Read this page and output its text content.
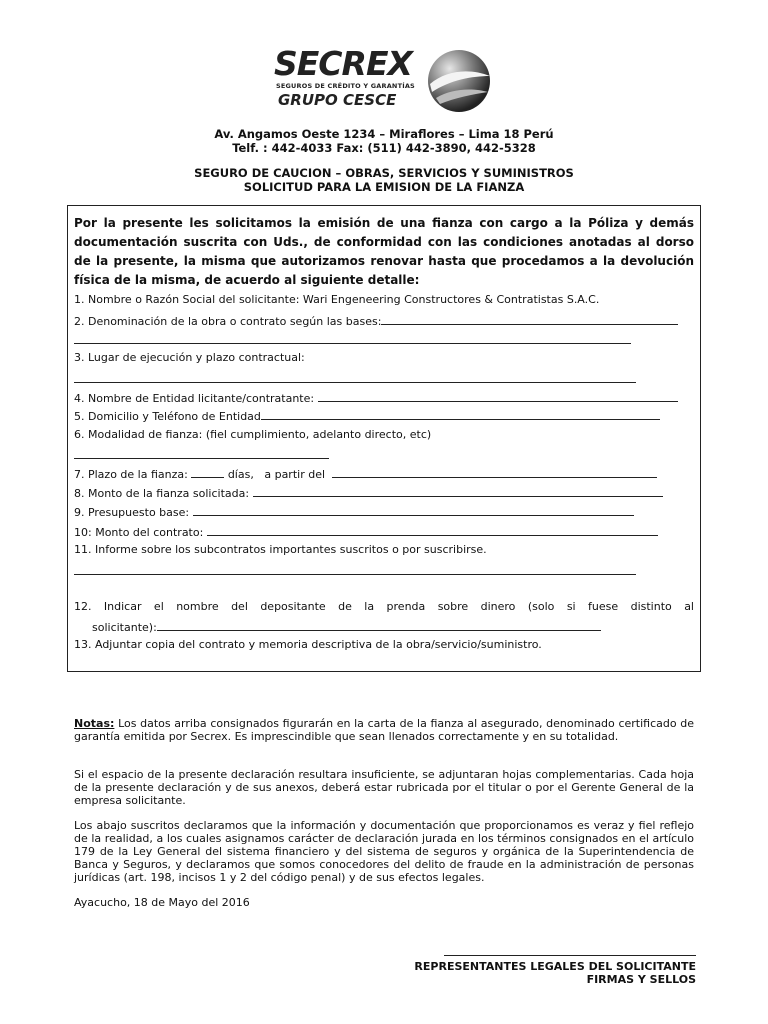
SECREX
SEGUROS DE CRÉDITO Y GARANTÍAS
GRUPO CESCE
Av. Angamos Oeste 1234 – Miraflores – Lima 18 Perú
Telf. : 442-4033 Fax: (511) 442-3890, 442-5328
SEGURO DE CAUCION – OBRAS, SERVICIOS Y SUMINISTROS
SOLICITUD PARA LA EMISION DE LA FIANZA
Por la presente les solicitamos la emisión de una fianza con cargo a la Póliza y demás documentación suscrita con Uds., de conformidad con las condiciones anotadas al dorso de la presente, la misma que autorizamos renovar hasta que procedamos a la devolución física de la misma, de acuerdo al siguiente detalle:
1. Nombre o Razón Social del solicitante: Wari Engeneering Constructores & Contratistas S.A.C.
2. Denominación de la obra o contrato según las bases:
3. Lugar de ejecución y plazo contractual:
4. Nombre de Entidad licitante/contratante:
5. Domicilio y Teléfono de Entidad
6. Modalidad de fianza: (fiel cumplimiento, adelanto directo, etc)
7. Plazo de la fianza:	días, a partir del
8. Monto de la fianza solicitada:
9. Presupuesto base:
10: Monto del contrato:
11. Informe sobre los subcontratos importantes suscritos o por suscribirse.
12. Indicar el nombre del depositante de la prenda sobre dinero (solo si fuese distinto al
solicitante):
13. Adjuntar copia del contrato y memoria descriptiva de la obra/servicio/suministro.
Notas: Los datos arriba consignados figurarán en la carta de la fianza al asegurado, denominado certificado de garantía emitida por Secrex. Es imprescindible que sean llenados correctamente y en su totalidad.
Si el espacio de la presente declaración resultara insuficiente, se adjuntaran hojas complementarias. Cada hoja de la presente declaración y de sus anexos, deberá estar rubricada por el titular o por el Gerente General de la empresa solicitante.
Los abajo suscritos declaramos que la información y documentación que proporcionamos es veraz y fiel reflejo de la realidad, a los cuales asignamos carácter de declaración jurada en los términos consignados en el artículo 179 de la Ley General del sistema financiero y del sistema de seguros y orgánica de la Superintendencia de Banca y Seguros, y declaramos que somos conocedores del delito de fraude en la administración de personas jurídicas (art. 198, incisos 1 y 2 del código penal) y de sus efectos legales.
Ayacucho, 18 de Mayo del 2016
REPRESENTANTES LEGALES DEL SOLICITANTE
FIRMAS Y SELLOS
